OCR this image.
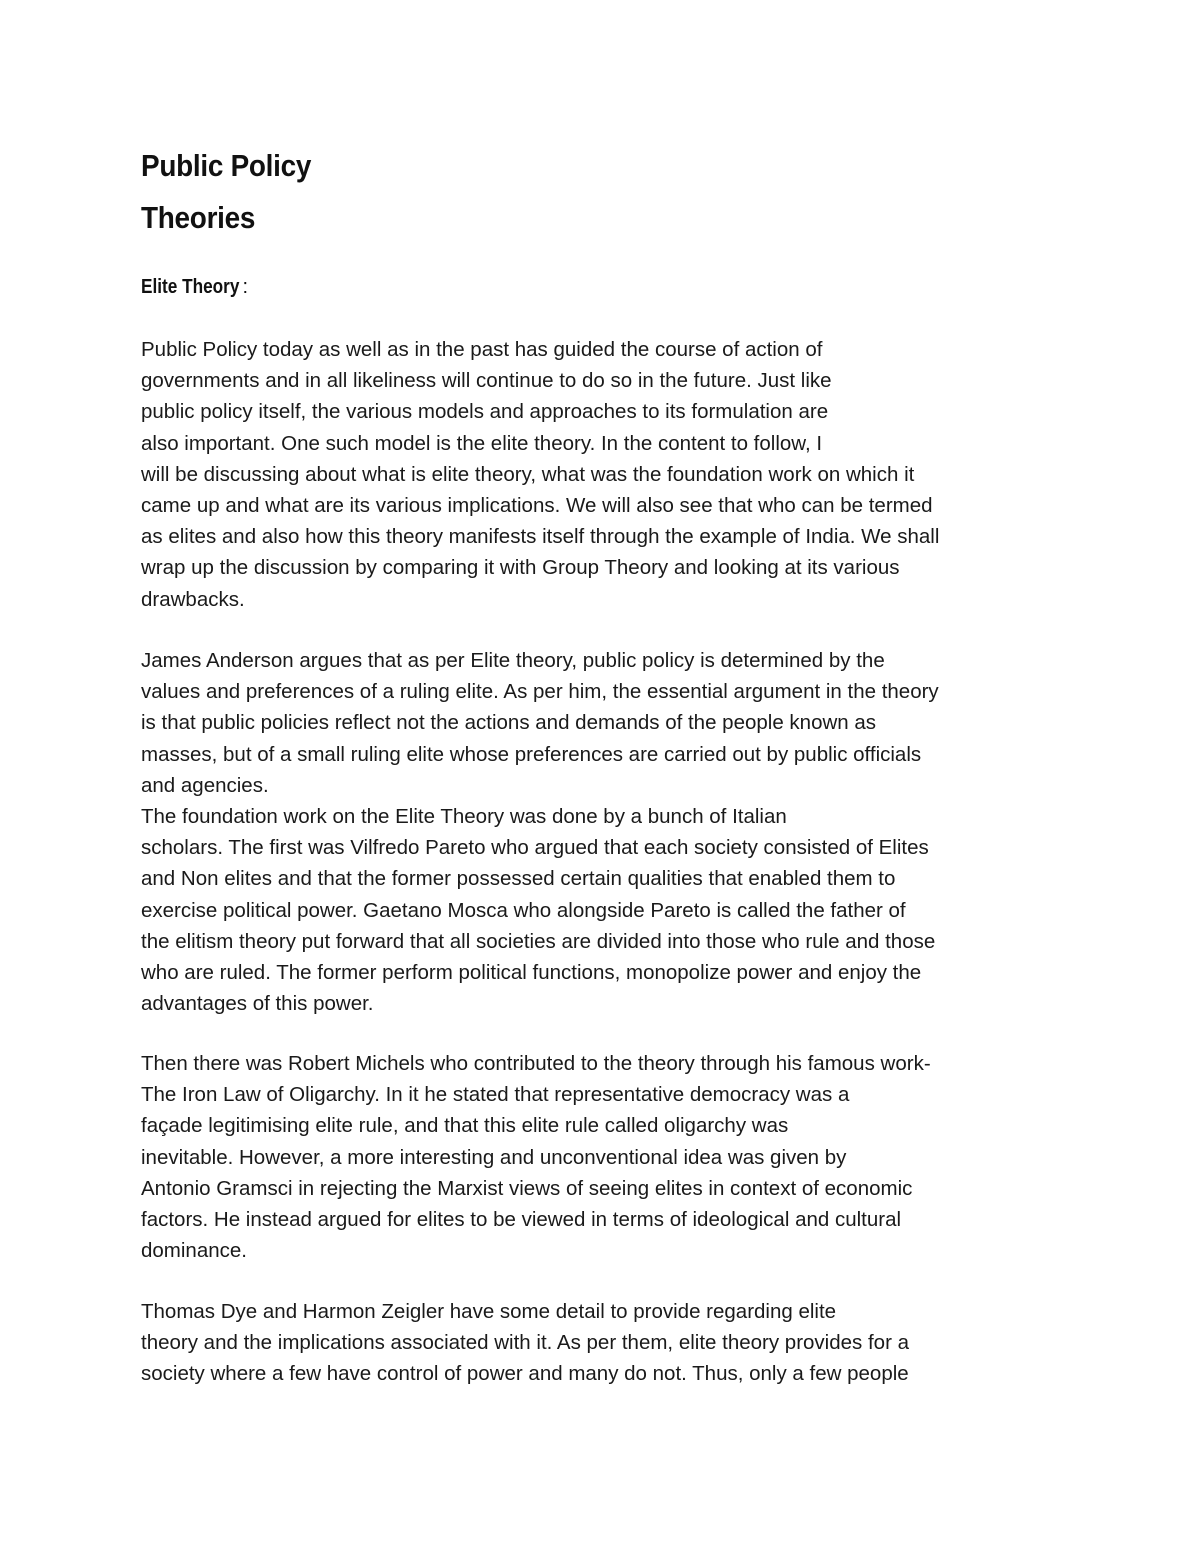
Public Policy
Theories
Elite Theory :
Public Policy today as well as in the past has guided the course of action of
governments and in all likeliness will continue to do so in the future. Just like
public policy itself, the various models and approaches to its formulation are
also important. One such model is the elite theory. In the content to follow, I
will be discussing about what is elite theory, what was the foundation work on which it
came up and what are its various implications. We will also see that who can be termed
as elites and also how this theory manifests itself through the example of India. We shall
wrap up the discussion by comparing it with Group Theory and looking at its various
drawbacks.
James Anderson argues that as per Elite theory, public policy is determined by the
values and preferences of a ruling elite. As per him, the essential argument in the theory
is that public policies reflect not the actions and demands of the people known as
masses, but of a small ruling elite whose preferences are carried out by public officials
and agencies.
The foundation work on the Elite Theory was done by a bunch of Italian
scholars. The first was Vilfredo Pareto who argued that each society consisted of Elites
and Non elites and that the former possessed certain qualities that enabled them to
exercise political power. Gaetano Mosca who alongside Pareto is called the father of
the elitism theory put forward that all societies are divided into those who rule and those
who are ruled. The former perform political functions, monopolize power and enjoy the
advantages of this power.
Then there was Robert Michels who contributed to the theory through his famous work-
The Iron Law of Oligarchy. In it he stated that representative democracy was a
façade legitimising elite rule, and that this elite rule called oligarchy was
inevitable. However, a more interesting and unconventional idea was given by
Antonio Gramsci in rejecting the Marxist views of seeing elites in context of economic
factors. He instead argued for elites to be viewed in terms of ideological and cultural
dominance.
Thomas Dye and Harmon Zeigler have some detail to provide regarding elite
theory and the implications associated with it. As per them, elite theory provides for a
society where a few have control of power and many do not. Thus, only a few people
